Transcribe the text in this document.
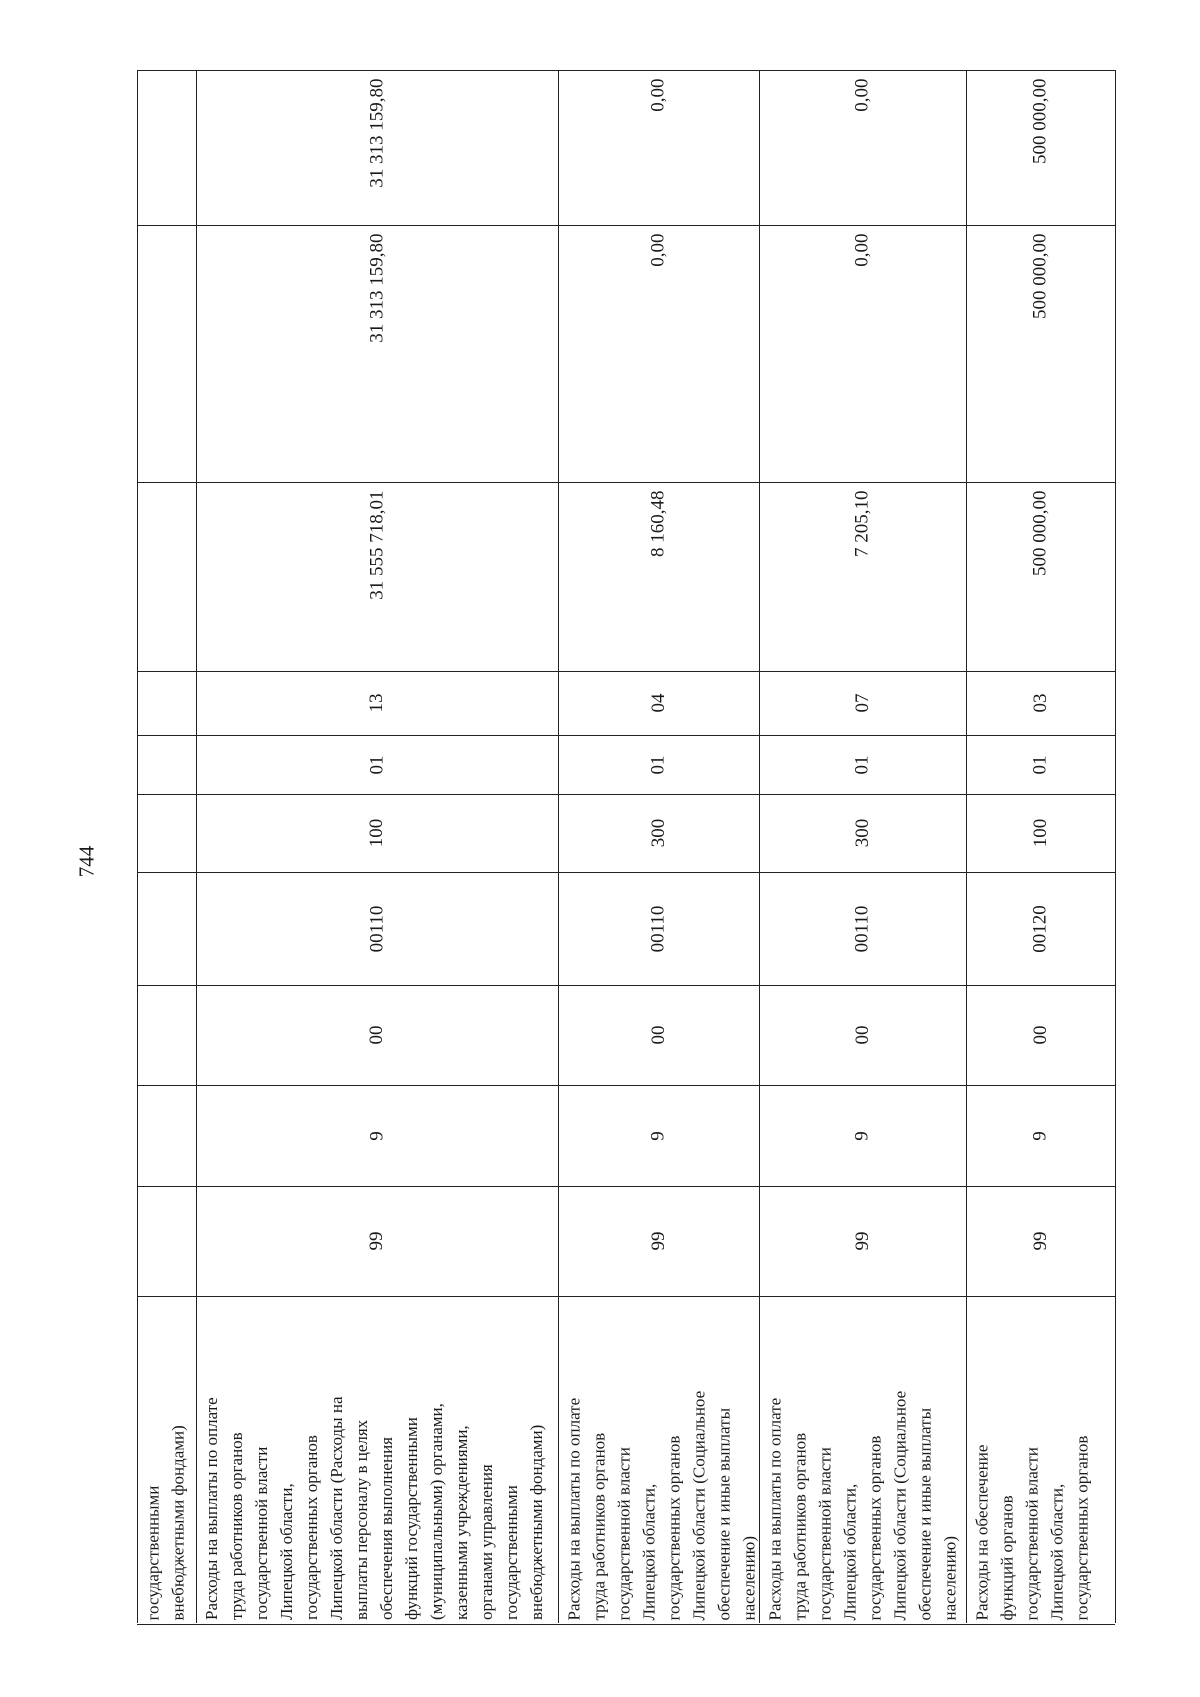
744
государственными
внебюджетными фондами)
31 313 159,80
31 313 159,80
31 555 718,01
13
01
100
00110
00
9
99
Расходы на выплаты по оплате
труда работников органов
государственной власти
Липецкой области,
государственных органов
Липецкой области (Расходы на
выплаты персоналу в целях
обеспечения выполнения
функций государственными
(муниципальными) органами,
казенными учреждениями,
органами управления
государственными
внебюджетными фондами)
0,00
0,00
8 160,48
04
01
300
00110
00
9
99
Расходы на выплаты по оплате
труда работников органов
государственной власти
Липецкой области,
государственных органов
Липецкой области (Социальное
обеспечение и иные выплаты
населению)
0,00
0,00
7 205,10
07
01
300
00110
00
9
99
Расходы на выплаты по оплате
труда работников органов
государственной власти
Липецкой области,
государственных органов
Липецкой области (Социальное
обеспечение и иные выплаты
населению)
500 000,00
500 000,00
500 000,00
03
01
100
00120
00
9
99
Расходы на обеспечение
функций органов
государственной власти
Липецкой области,
государственных органов
